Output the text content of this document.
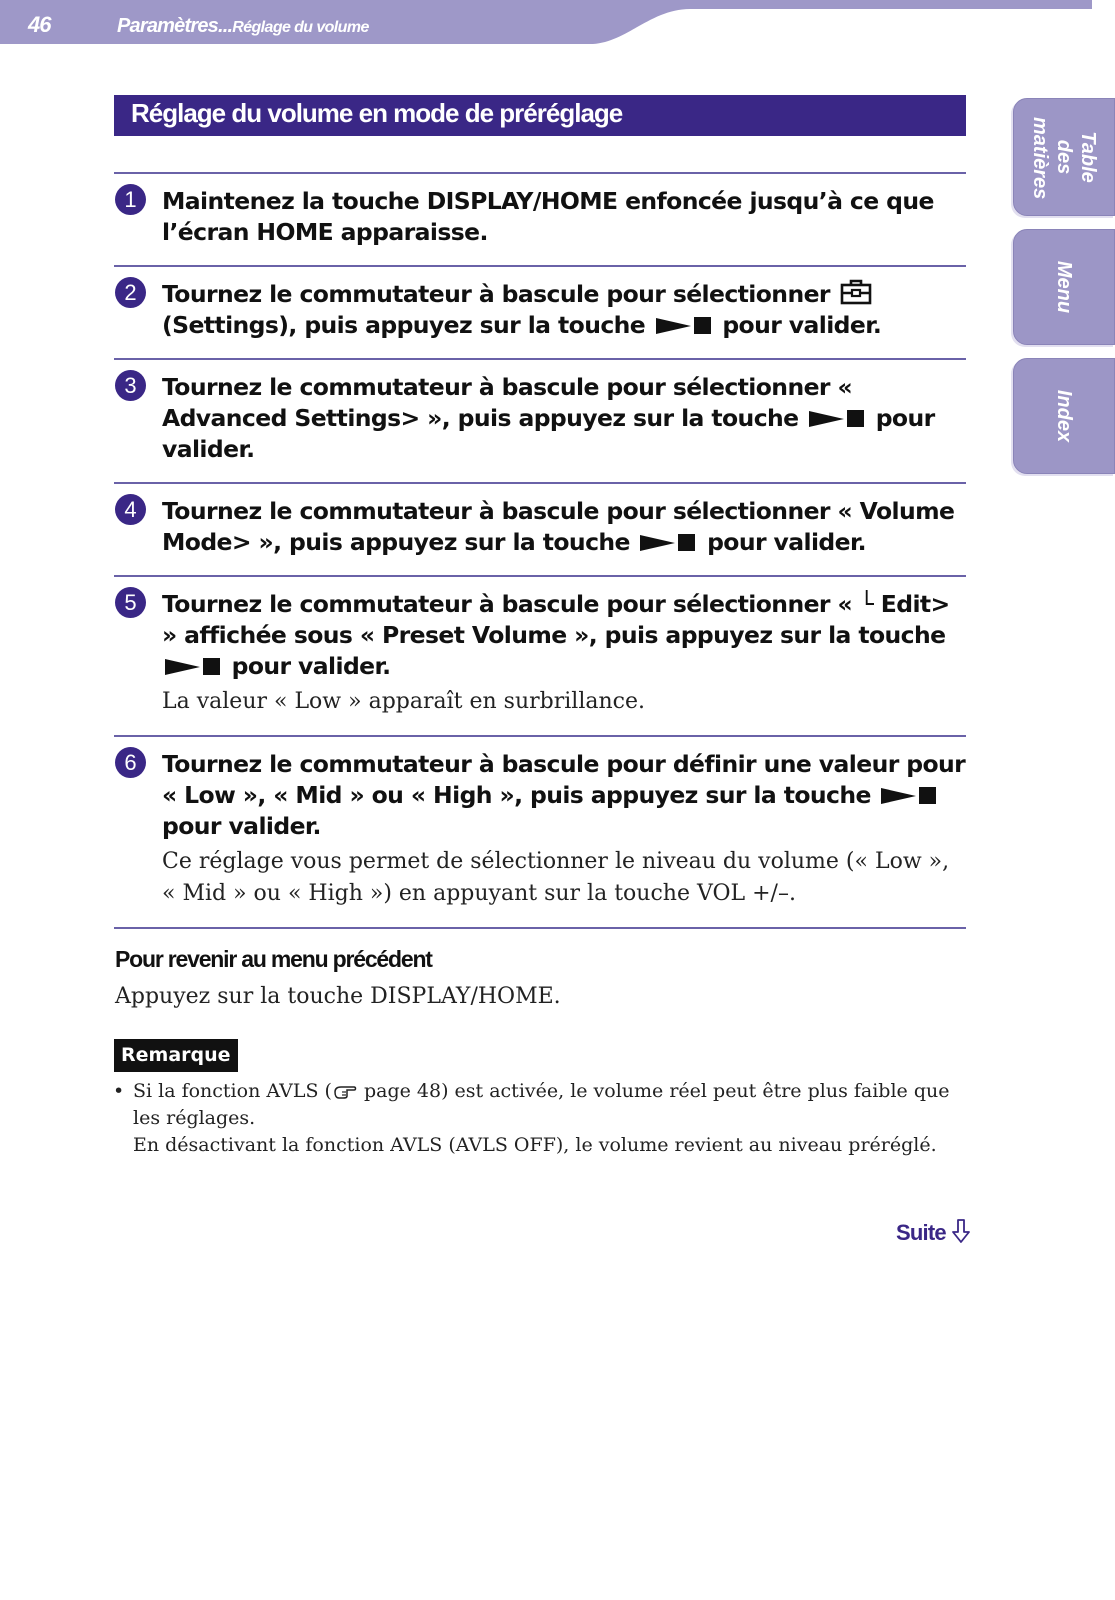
46	Paramètres...Réglage du volume
Table des matières
Menu
Index
Réglage du volume en mode de préréglage
1	Maintenez la touche DISPLAY/HOME enfoncée jusqu’à ce que l’écran HOME apparaisse.
2	Tournez le commutateur à bascule pour sélectionner  (Settings), puis appuyez sur la touche	pour valider.
3	Tournez le commutateur à bascule pour sélectionner « Advanced Settings> », puis appuyez sur la touche	pour valider.
4	Tournez le commutateur à bascule pour sélectionner « Volume Mode> », puis appuyez sur la touche	pour valider.
5	Tournez le commutateur à bascule pour sélectionner « └ Edit> » affichée sous « Preset Volume », puis appuyez sur la touche  pour valider.
La valeur « Low » apparaît en surbrillance.
6	Tournez le commutateur à bascule pour définir une valeur pour « Low », « Mid » ou « High », puis appuyez sur la touche  pour valider.
Ce réglage vous permet de sélectionner le niveau du volume (« Low », « Mid » ou « High ») en appuyant sur la touche VOL +/–.
Pour revenir au menu précédent
Appuyez sur la touche DISPLAY/HOME.
Remarque
• Si la fonction AVLS ( page 48) est activée, le volume réel peut être plus faible que les réglages.
En désactivant la fonction AVLS (AVLS OFF), le volume revient au niveau préréglé.
Suite
